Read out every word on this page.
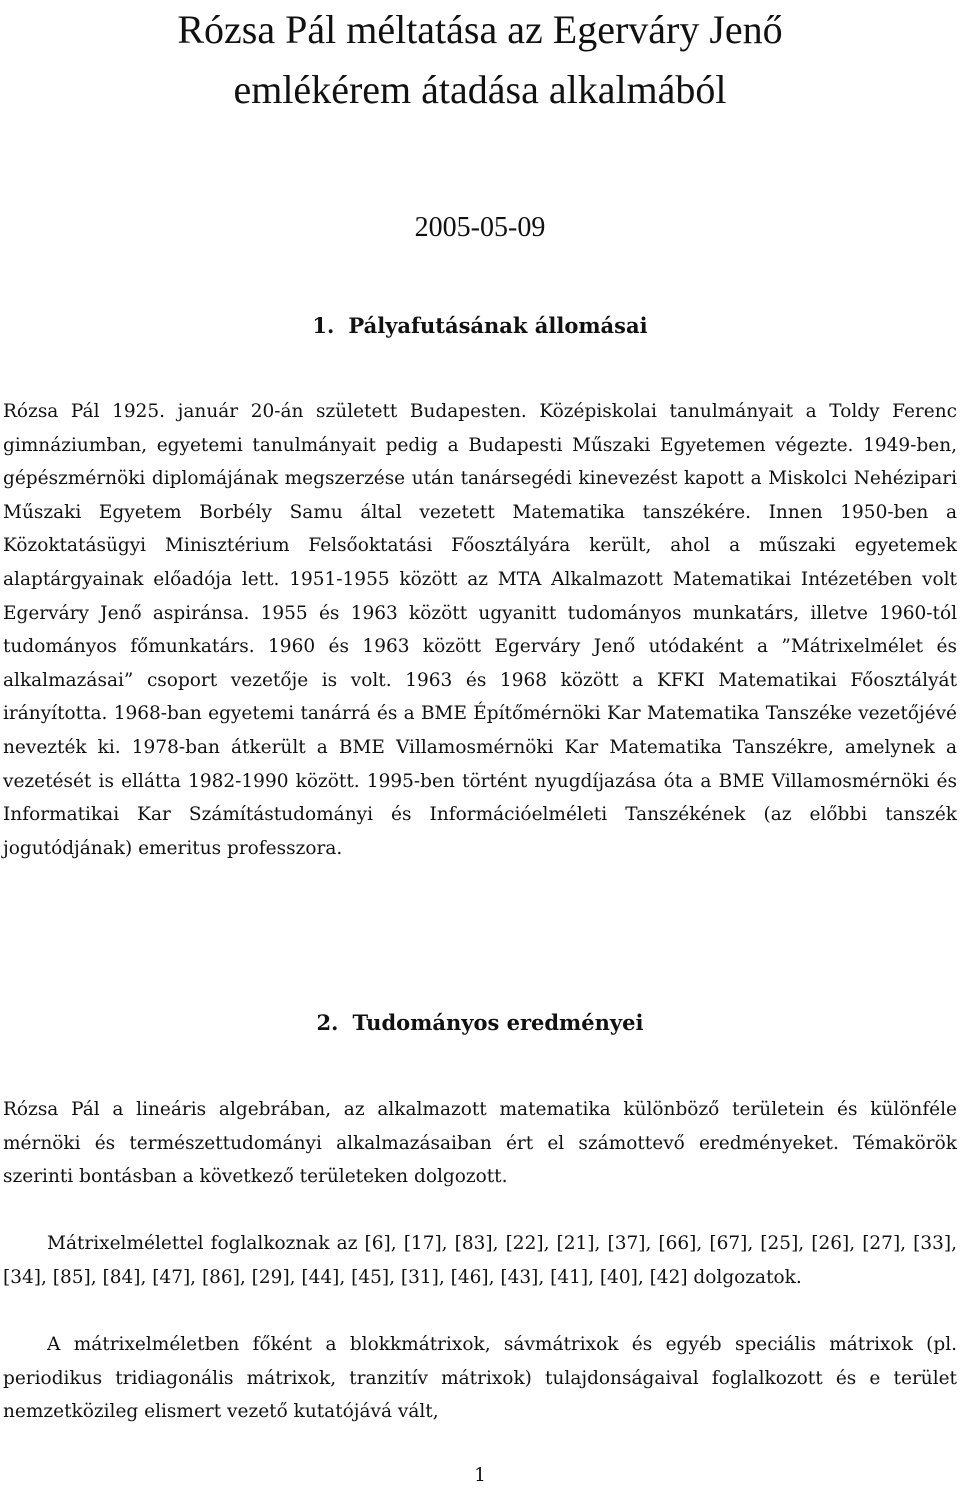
Rózsa Pál méltatása az Egerváry Jenő
emlékérem átadása alkalmából

2005-05-09

1. Pályafutásának állomásai

Rózsa Pál 1925. január 20-án született Budapesten. Középiskolai tanulmányait a Toldy Ferenc gimnáziumban, egyetemi tanulmányait pedig a Budapesti Műszaki Egyetemen végezte. 1949-ben, gépészmérnöki diplomájának megszerzése után tanársegédi kinevezést kapott a Miskolci Nehézipari Műszaki Egyetem Borbély Samu által vezetett Matematika tanszékére. Innen 1950-ben a Közoktatásügyi Minisztérium Felsőoktatási Főosztályára került, ahol a műszaki egyetemek alaptárgyainak előadója lett. 1951-1955 között az MTA Alkalmazott Matematikai Intézetében volt Egerváry Jenő aspiránsa. 1955 és 1963 között ugyanitt tudományos munkatárs, illetve 1960-tól tudományos főmunkatárs. 1960 és 1963 között Egerváry Jenő utódaként a ”Mátrixelmélet és alkalmazásai” csoport vezetője is volt. 1963 és 1968 között a KFKI Matematikai Főosztályát irányította. 1968-ban egyetemi tanárrá és a BME Építőmérnöki Kar Matematika Tanszéke vezetőjévé nevezték ki. 1978-ban átkerült a BME Villamosmérnöki Kar Matematika Tanszékre, amelynek a vezetését is ellátta 1982-1990 között. 1995-ben történt nyugdíjazása óta a BME Villamosmérnöki és Informatikai Kar Számítástudományi és Információelméleti Tanszékének (az előbbi tanszék jogutódjának) emeritus professzora.

2. Tudományos eredményei

Rózsa Pál a lineáris algebrában, az alkalmazott matematika különböző területein és különféle mérnöki és természettudományi alkalmazásaiban ért el számottevő eredményeket. Témakörök szerinti bontásban a következő területeken dolgozott.

Mátrixelmélettel foglalkoznak az [6], [17], [83], [22], [21], [37], [66], [67], [25], [26], [27], [33], [34], [85], [84], [47], [86], [29], [44], [45], [31], [46], [43], [41], [40], [42] dolgozatok.

A mátrixelméletben főként a blokkmátrixok, sávmátrixok és egyéb speciális mátrixok (pl. periodikus tridiagonális mátrixok, tranzitív mátrixok) tulajdonságaival foglalkozott és e terület nemzetközileg elismert vezető kutatójává vált,

1
